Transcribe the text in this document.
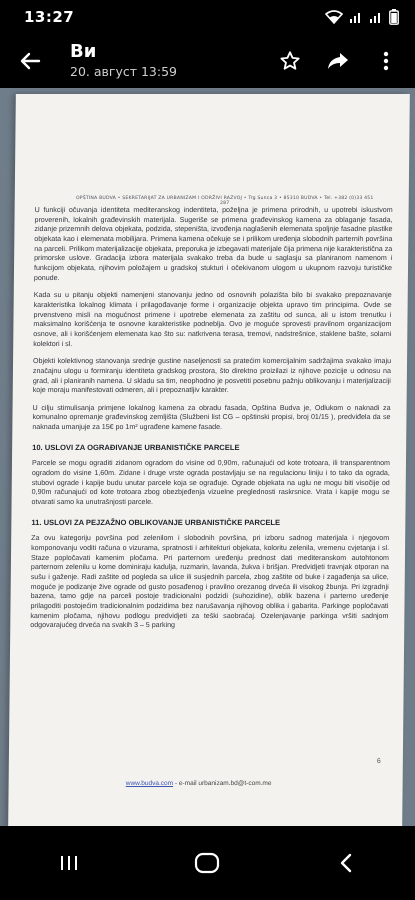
13:27
Ви
20. август 13:59
OPŠTINA BUDVA • SEKRETARIJAT ZA URBANIZAM I ODRŽIVI RAZVOJ • Trg Sunca 3 • 85310 BUDVA • Tel. +382 (0)33 451 287

U funkciji očuvanja identiteta mediteranskog indentiteta, poželjna je primena prirodnih, u upotrebi iskustvom proverenih, lokalnih građevinskih materijala. Sugeriše se primena građevinskog kamena za oblaganje fasada, zidanje prizemnih delova objekata, podzida, stepeništa, izvođenja naglašenih elemenata spoljnje fasadne plastike objekata kao i elemenata mobilijara. Primena kamena očekuje se i prilikom uređenja slobodnih parternih površina na parceli. Prilikom materijalizacije objekata, preporuka je izbegavati materijale čija primena nije karakteristična za primorske uslove. Gradacija izbora materijala svakako treba da bude u saglasju sa planiranom namenom i funkcijom objekata, njihovim položajem u gradskoj stukturi i očekivanom ulogom u ukupnom razvoju turističke ponude.

Kada su u pitanju objekti namenjeni stanovanju jedno od osnovnih polazišta bilo bi svakako prepoznavanje karakteristika lokalnog klimata i prilagođavanje forme i organizacije objekta upravo tim principima. Ovde se prvenstveno misli na mogućnost primene i upotrebe elemenata za zaštitu od sunca, ali u istom trenutku i maksimalno korišćenja te osnovne karakteristike podneblja. Ovo je moguće sprovesti pravilnom organizacijom osnove, ali i korišćenjem elemenata kao što su: natkrivena terasa, tremovi, nadstrešnice, staklene bašte, solarni kolektori i sl.

Objekti kolektivnog stanovanja srednje gustine naseljenosti sa pratećim komercijalnim sadržajima svakako imaju značajnu ulogu u formiranju identiteta gradskog prostora, što direktno proizilazi iz njihove pozicije u odnosu na grad, ali i planiranih namena. U skladu sa tim, neophodno je posvetiti posebnu pažnju oblikovanju i materijalizaciji koje moraju manifestovati odmeren, ali i prepoznatljiv karakter.

U cilju stimulisanja primjene lokalnog kamena za obradu fasada, Opština Budva je, Odlukom o naknadi za komunalno opremanje građevinskog zemljišta (Službeni list CG – opštinski propisi, broj 01/15 ), predviđela da se naknada umanjuje za 15€ po 1m² ugrađene kamene fasade.

10. USLOVI ZA OGRAĐIVANJE URBANISTIČKE PARCELE

Parcele se mogu ograditi zidanom ogradom do visine od 0,90m, računajući od kote trotoara, ili transparentnom ogradom do visine 1,60m. Zidane i druge vrste ograda postavljaju se na regulacionu liniju i to tako da ograda, stubovi ograde i kapije budu unutar parcele koja se ograđuje. Ograde objekata na uglu ne mogu biti visočije od 0,90m računajući od kote trotoara zbog obezbjeđenja vizuelne preglednosti raskrsnice. Vrata i kapije mogu se otvarati samo ka unutrašnjosti parcele.

11. USLOVI ZA PEJZAŽNO OBLIKOVANJE URBANISTIČKE PARCELE

Za ovu kategoriju površina pod zelenilom i slobodnih površina, pri izboru sadnog materijala i njegovom komponovanju voditi računa o vizurama, spratnosti i arhitekturi objekata, koloritu zelenila, vremenu cvjetanja i sl. Staze popločavati kamenim pločama. Pri parternom uređenju prednost dati mediteranskom autohtonom parternom zelenilu u kome dominiraju kadulja, ruzmarin, lavanda, žukva i brišjan. Predvidjeti travnjak otporan na sušu i gaženje. Radi zaštite od pogleda sa ulice ili susjednih parcela, zbog zaštite od buke i zagađenja sa ulice, moguće je podizanje žive ograde od gusto posađenog i pravilno orezanog drveća ili visokog žbunja. Pri izgradnji bazena, tamo gdje na parceli postoje tradicionalni podzidi (suhozidine), oblik bazena i parterno uređenje prilagoditi postojećim tradicionalnim podzidima bez narušavanja njihovog oblika i gabarita. Parkinge popločavati kamenim pločama, njihovu podlogu predvidjeti za teški saobraćaj. Ozelenjavanje parkinga vršiti sadnjom odgovarajućeg drveća na svakih 3 – 5 parking

6
www.budva.com - e-mail urbanizam.bd@t-com.me
